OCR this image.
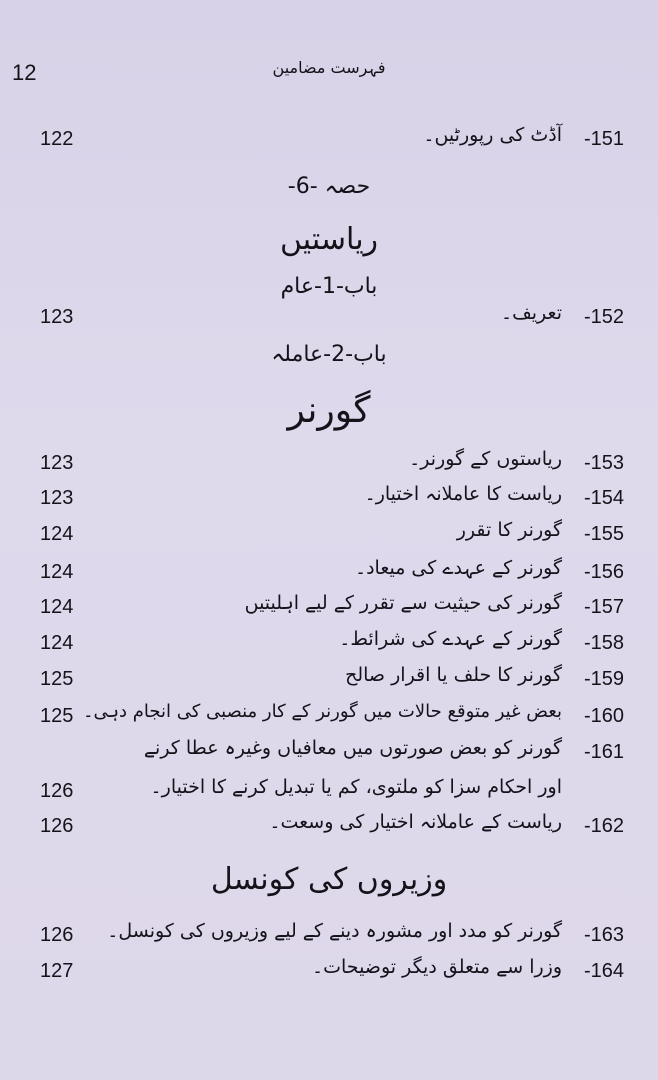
12	فہرست مضامین
122	آڈٹ کی رپورٹیں۔ -151
حصہ -6-
ریاستیں
باب-1-عام
123	تعریف۔ -152
باب-2-عاملہ
گورنر
123	ریاستوں کے گورنر۔ -153
123	ریاست کا عاملانہ اختیار۔ -154
124	گورنر کا تقرر -155
124	گورنر کے عہدے کی میعاد۔ -156
124	گورنر کی حیثیت سے تقرر کے لیے اہلیتیں -157
124	گورنر کے عہدے کی شرائط۔ -158
125	گورنر کا حلف یا اقرار صالح -159
125 بعض غیر متوقع حالات میں گورنر کے کار منصبی کی انجام دہی۔ -160
گورنر کو بعض صورتوں میں معافیاں وغیرہ عطا کرنے -161
126	اور احکام سزا کو ملتوی، کم یا تبدیل کرنے کا اختیار۔
126	ریاست کے عاملانہ اختیار کی وسعت۔ -162
وزیروں کی کونسل
126 گورنر کو مدد اور مشورہ دینے کے لیے وزیروں کی کونسل۔ -163
127	وزرا سے متعلق دیگر توضیحات۔ -164
